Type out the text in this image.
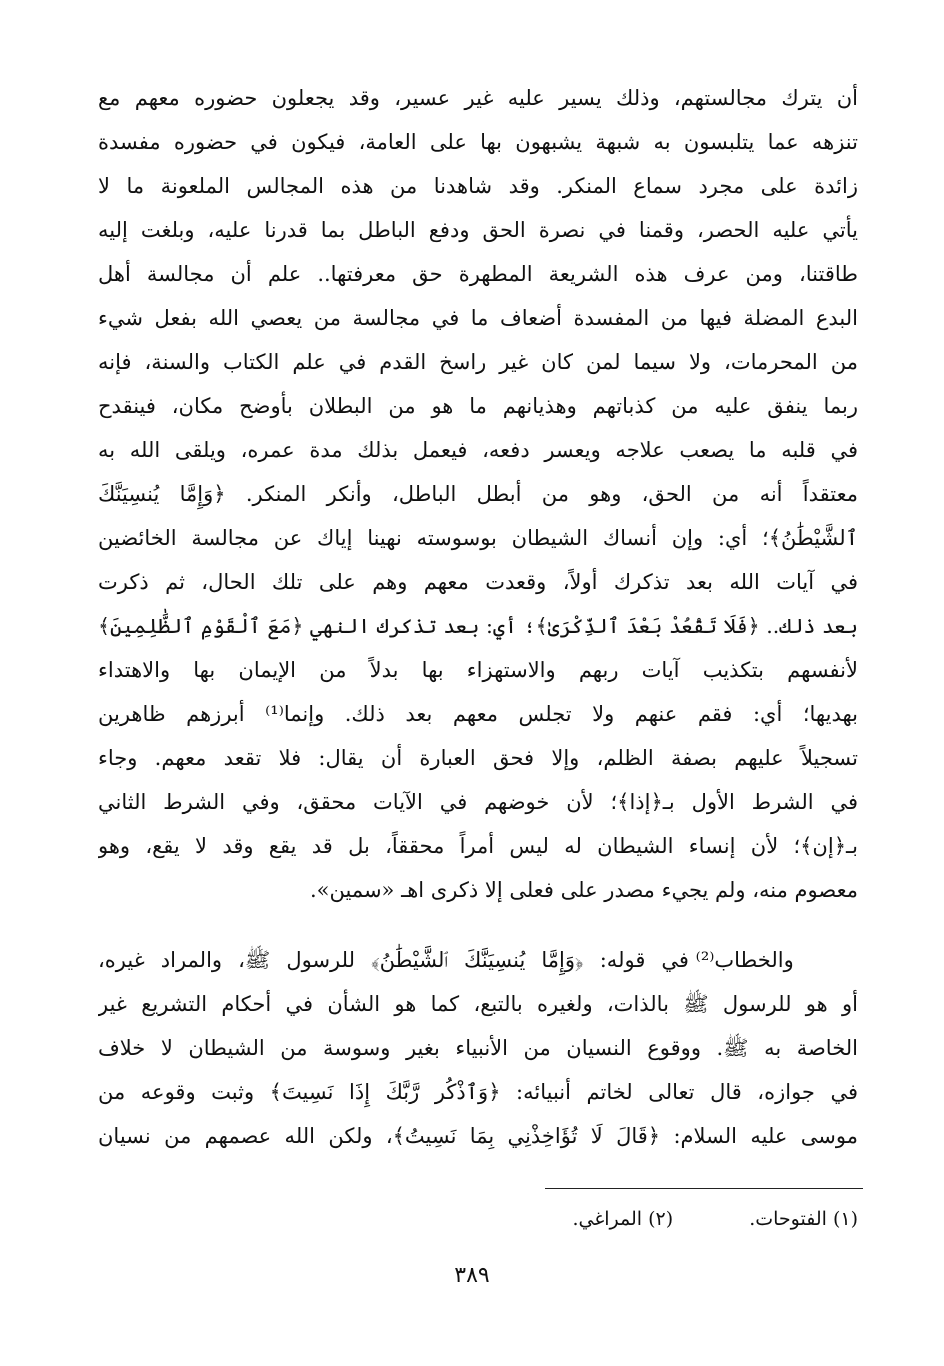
أن يترك مجالستهم، وذلك يسير عليه غير عسير، وقد يجعلون حضوره معهم مع
تنزهه عما يتلبسون به شبهة يشبهون بها على العامة، فيكون في حضوره مفسدة
زائدة على مجرد سماع المنكر. وقد شاهدنا من هذه المجالس الملعونة ما لا
يأتي عليه الحصر، وقمنا في نصرة الحق ودفع الباطل بما قدرنا عليه، وبلغت إليه
طاقتنا، ومن عرف هذه الشريعة المطهرة حق معرفتها.. علم أن مجالسة أهل
البدع المضلة فيها من المفسدة أضعاف ما في مجالسة من يعصي الله بفعل شيء
من المحرمات، ولا سيما لمن كان غير راسخ القدم في علم الكتاب والسنة، فإنه
ربما ينفق عليه من كذباتهم وهذيانهم ما هو من البطلان بأوضح مكان، فينقدح
في قلبه ما يصعب علاجه ويعسر دفعه، فيعمل بذلك مدة عمره، ويلقى الله به
معتقداً أنه من الحق، وهو من أبطل الباطل، وأنكر المنكر. ﴿وَإِمَّا يُنسِيَنَّكَ
ٱلشَّيْطَٰنُ﴾؛ أي: وإن أنساك الشيطان بوسوسته نهينا إياك عن مجالسة الخائضين
في آيات الله بعد تذكرك أولاً، وقعدت معهم وهم على تلك الحال، ثم ذكرت
بعد ذلك.. ﴿فَلَا تَقْعُدْ بَعْدَ ٱلذِّكْرَىٰ﴾؛ أي: بعد تذكرك النهي ﴿مَعَ ٱلْقَوْمِ ٱلظَّٰلِمِينَ﴾
لأنفسهم بتكذيب آيات ربهم والاستهزاء بها بدلاً من الإيمان بها والاهتداء
بهديها؛ أي: فقم عنهم ولا تجلس معهم بعد ذلك. وإنما⁽¹⁾ أبرزهم ظاهرين
تسجيلاً عليهم بصفة الظلم، وإلا فحق العبارة أن يقال: فلا تقعد معهم. وجاء
في الشرط الأول بـ﴿إذا﴾؛ لأن خوضهم في الآيات محقق، وفي الشرط الثاني
بـ﴿إن﴾؛ لأن إنساء الشيطان له ليس أمراً محققاً، بل قد يقع وقد لا يقع، وهو
معصوم منه، ولم يجيء مصدر على فعلى إلا ذكرى اهـ «سمين».
والخطاب⁽²⁾ في قوله: ﴿وَإِمَّا يُنسِيَنَّكَ ٱلشَّيْطَٰنُ﴾ للرسول ﷺ، والمراد غيره،
أو هو للرسول ﷺ بالذات، ولغيره بالتبع، كما هو الشأن في أحكام التشريع غير
الخاصة به ﷺ. ووقوع النسيان من الأنبياء بغير وسوسة من الشيطان لا خلاف
في جوازه، قال تعالى لخاتم أنبيائه: ﴿وَٱذْكُر رَّبَّكَ إِذَا نَسِيتَ﴾ وثبت وقوعه من
موسى عليه السلام: ﴿قَالَ لَا تُؤَاخِذْنِي بِمَا نَسِيتُ﴾، ولكن الله عصمهم من نسيان
(١) الفتوحات. (٢) المراغي.
٣٨٩
